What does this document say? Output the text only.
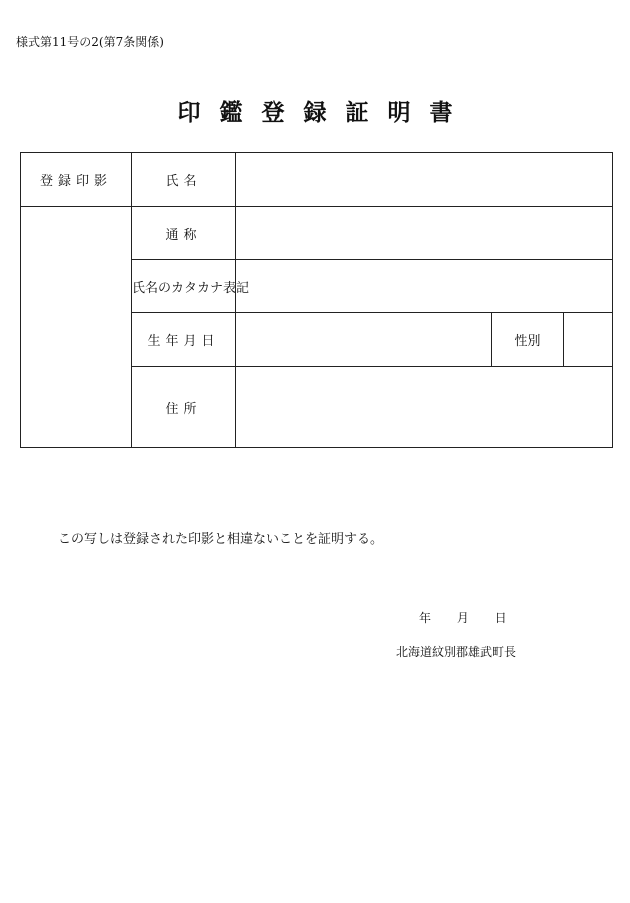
様式第11号の2(第7条関係)
印鑑登録証明書
登録印影	氏名			
	通称			
	氏名のカタカナ表記			
	生年月日		性別	
	住所			
この写しは登録された印影と相違ないことを証明する。
年 月 日
北海道紋別郡雄武町長
